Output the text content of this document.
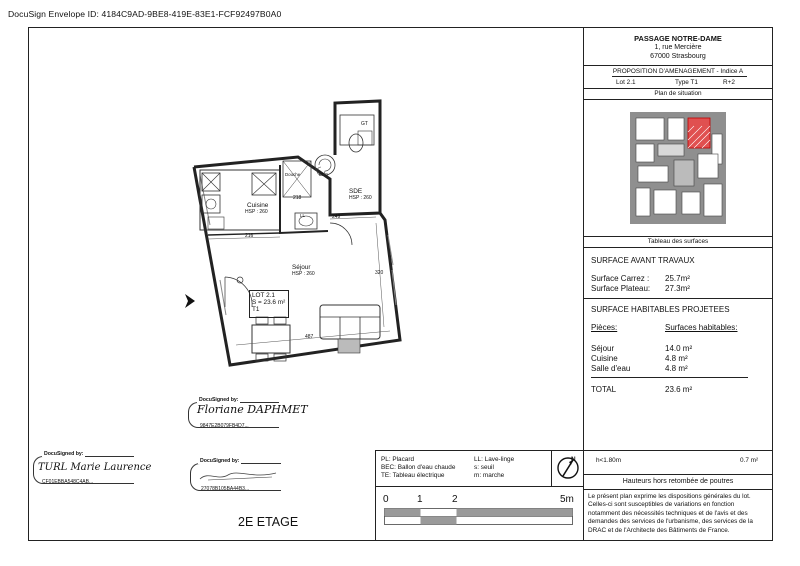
DocuSign Envelope ID: 4184C9AD-9BE8-419E-83E1-FCF92497B0A0
PASSAGE NOTRE-DAME
1, rue Mercière
67000 Strasbourg
PROPOSITION D'AMENAGEMENT - Indice A
Lot 2.1	Type T1	R+2
Plan de situation
Tableau des surfaces
SURFACE AVANT TRAVAUX
Surface Carrez : 25.7m²
Surface Plateau: 27.3m²
SURFACE HABITABLES PROJETEES
Pièces:	Surfaces habitables:
Séjour	14.0 m²
Cuisine	4.8 m²
Salle d'eau	4.8 m²
TOTAL	23.6 m²
h<1.80m	0.7 m²
Hauteurs hors retombée de poutres
Le présent plan exprime les dispositions générales du lot. Celles-ci sont susceptibles de variations en fonction notamment des nécessités techniques et de l'avis et des demandes des services de l'urbanisme, des services de la DRAC et de l'Architecte des Bâtiments de France.
PL: Placard
BEC: Ballon d'eau chaude
TE: Tableau électrique
LL: Lave-linge
s: seuil
m: marche
N
0	1	2	5m
2E ETAGE
Cuisine
HSP : 260
SDE
HSP : 260
Séjour
HSP : 260
LOT 2.1
S = 23.6 m²
T1
216
249
218
320
487
GT
Douche	BEC
LL
DocuSigned by:
Floriane DAPHMET
9847E2B079FB4D7...
DocuSigned by:
TURL Marie Laurence
CF01EBBA548C4AB...
DocuSigned by:
27078B105BA44B3...
